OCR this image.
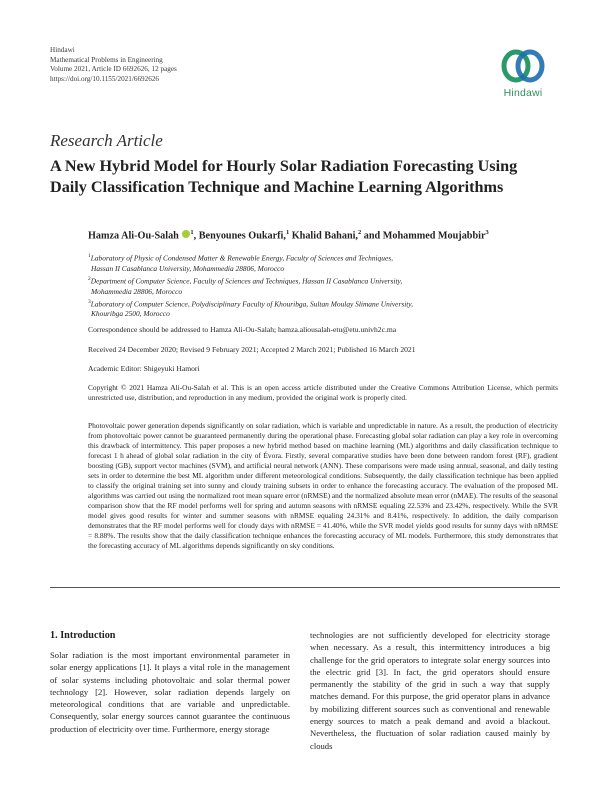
Hindawi
Mathematical Problems in Engineering
Volume 2021, Article ID 6692626, 12 pages
https://doi.org/10.1155/2021/6692626
Hindawi
Research Article
A New Hybrid Model for Hourly Solar Radiation Forecasting Using
Daily Classification Technique and Machine Learning Algorithms
Hamza Ali-Ou-Salah $^1$, Benyounes Oukarfi,$^1$ Khalid Bahani,$^2$ and Mohammed Moujabbir$^3$
$^1$Laboratory of Physic of Condensed Matter & Renewable Energy, Faculty of Sciences and Techniques,
Hassan II Casablanca University, Mohammedia 28806, Morocco
$^2$Department of Computer Science, Faculty of Sciences and Techniques, Hassan II Casablanca University,
Mohammedia 28806, Morocco
$^3$Laboratory of Computer Science, Polydisciplinary Faculty of Khouribga, Sultan Moulay Slimane University,
Khouribga 2500, Morocco
Correspondence should be addressed to Hamza Ali-Ou-Salah; hamza.aliousalah-etu@etu.univh2c.ma
Received 24 December 2020; Revised 9 February 2021; Accepted 2 March 2021; Published 16 March 2021
Academic Editor: Shigeyuki Hamori
Copyright © 2021 Hamza Ali-Ou-Salah et al. This is an open access article distributed under the Creative Commons Attribution License, which permits unrestricted use, distribution, and reproduction in any medium, provided the original work is properly cited.
Photovoltaic power generation depends significantly on solar radiation, which is variable and unpredictable in nature. As a result, the production of electricity from photovoltaic power cannot be guaranteed permanently during the operational phase. Forecasting global solar radiation can play a key role in overcoming this drawback of intermittency. This paper proposes a new hybrid method based on machine learning (ML) algorithms and daily classification technique to forecast 1 h ahead of global solar radiation in the city of Évora. Firstly, several comparative studies have been done between random forest (RF), gradient boosting (GB), support vector machines (SVM), and artificial neural network (ANN). These comparisons were made using annual, seasonal, and daily testing sets in order to determine the best ML algorithm under different meteorological conditions. Subsequently, the daily classification technique has been applied to classify the original training set into sunny and cloudy training subsets in order to enhance the forecasting accuracy. The evaluation of the proposed ML algorithms was carried out using the normalized root mean square error (nRMSE) and the normalized absolute mean error (nMAE). The results of the seasonal comparison show that the RF model performs well for spring and autumn seasons with nRMSE equaling 22.53% and 23.42%, respectively. While the SVR model gives good results for winter and summer seasons with nRMSE equaling 24.31% and 8.41%, respectively. In addition, the daily comparison demonstrates that the RF model performs well for cloudy days with nRMSE = 41.40%, while the SVR model yields good results for sunny days with nRMSE = 8.88%. The results show that the daily classification technique enhances the forecasting accuracy of ML models. Furthermore, this study demonstrates that the forecasting accuracy of ML algorithms depends significantly on sky conditions.
1. Introduction

Solar radiation is the most important environmental parameter in solar energy applications [1]. It plays a vital role in the management of solar systems including photovoltaic and solar thermal power technology [2]. However, solar radiation depends largely on meteorological conditions that are variable and unpredictable. Consequently, solar energy sources cannot guarantee the continuous production of electricity over time. Furthermore, energy storage

technologies are not sufficiently developed for electricity storage when necessary. As a result, this intermittency introduces a big challenge for the grid operators to integrate solar energy sources into the electric grid [3]. In fact, the grid operators should ensure permanently the stability of the grid in such a way that supply matches demand. For this purpose, the grid operator plans in advance by mobilizing different sources such as conventional and renewable energy sources to match a peak demand and avoid a blackout. Nevertheless, the fluctuation of solar radiation caused mainly by clouds
